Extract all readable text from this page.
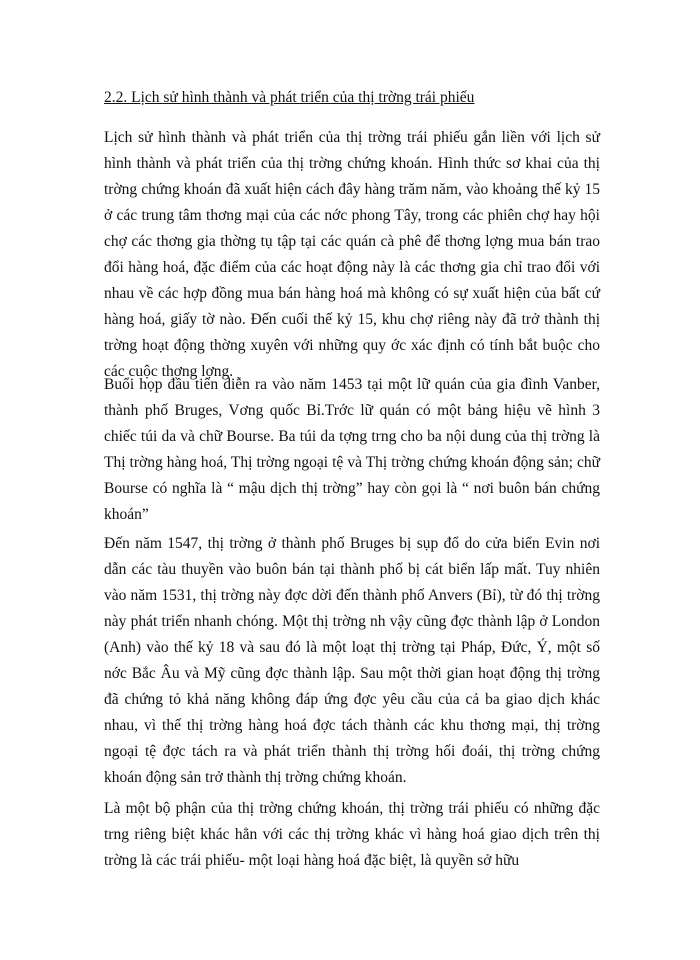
2.2. Lịch sử hình thành và phát triển của thị trờng trái phiếu

Lịch sử hình thành và phát triển của thị trờng trái phiếu gắn liền với lịch sử hình thành và phát triển của thị trờng chứng khoán. Hình thức sơ khai của thị trờng chứng khoán đã xuất hiện cách đây hàng trăm năm, vào khoảng thế kỷ 15 ở các trung tâm thơng mại của các nớc phong Tây, trong các phiên chợ hay hội chợ các thơng gia thờng tụ tập tại các quán cà phê để thơng lợng mua bán trao đổi hàng hoá, đặc điểm của các hoạt động này là các thơng gia chỉ trao đổi với nhau về các hợp đồng mua bán hàng hoá mà không có sự xuất hiện của bất cứ hàng hoá, giấy tờ nào. Đến cuối thế kỷ 15, khu chợ riêng này đã trở thành thị trờng hoạt động thờng xuyên với những quy ớc xác định có tính bắt buộc cho các cuộc thơng lợng.

Buổi họp đầu tiên diễn ra vào năm 1453 tại một lữ quán của gia đình Vanber, thành phố Bruges, Vơng quốc Bỉ.Trớc lữ quán có một bảng hiệu vẽ hình 3 chiếc túi da và chữ Bourse. Ba túi da tợng trng cho ba nội dung của thị trờng là Thị trờng hàng hoá, Thị trờng ngoại tệ và Thị trờng chứng khoán động sản; chữ Bourse có nghĩa là “ mậu dịch thị trờng” hay còn gọi là “ nơi buôn bán chứng khoán”

Đến năm 1547, thị trờng ở thành phố Bruges bị sụp đổ do cửa biển Evin nơi dẫn các tàu thuyền vào buôn bán tại thành phố bị cát biển lấp mất. Tuy nhiên vào năm 1531, thị trờng này đợc dời đến thành phố Anvers (Bỉ), từ đó thị trờng này phát triển nhanh chóng. Một thị trờng nh vậy cũng đợc thành lập ở London (Anh) vào thế kỷ 18 và sau đó là một loạt thị trờng tại Pháp, Đức, Ý, một số nớc Bắc Âu và Mỹ cũng đợc thành lập. Sau một thời gian hoạt động thị trờng đã chứng tỏ khả năng không đáp ứng đợc yêu cầu của cả ba giao dịch khác nhau, vì thế thị trờng hàng hoá đợc tách thành các khu thơng mại, thị trờng ngoại tệ đợc tách ra và phát triển thành thị trờng hối đoái, thị trờng chứng khoán động sản trở thành thị trờng chứng khoán.

Là một bộ phận của thị trờng chứng khoán, thị trờng trái phiếu có những đặc trng riêng biệt khác hẳn với các thị trờng khác vì hàng hoá giao dịch trên thị trờng là các trái phiếu- một loại hàng hoá đặc biệt, là quyền sở hữu
